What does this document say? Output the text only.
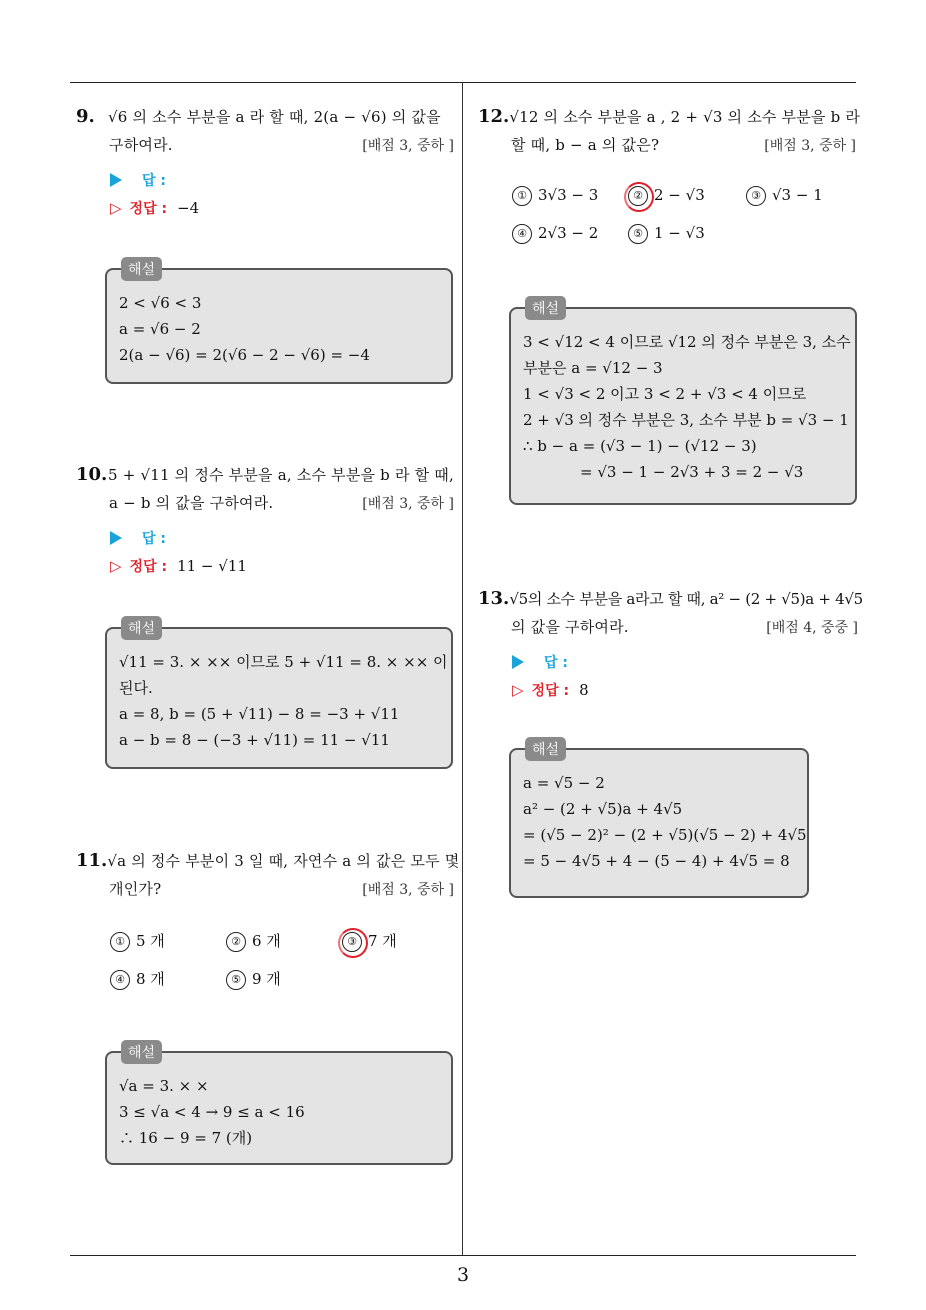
3
9. √6 의 소수 부분을 a 라 할 때, 2(a − √6) 의 값을
구하여라.	[배점 3, 중하 ]
답 :
▷ 정답 : −4
해설
2 < √6 < 3
a = √6 − 2
2(a − √6) = 2(√6 − 2 − √6) = −4
10. 5 + √11 의 정수 부분을 a, 소수 부분을 b 라 할 때,
a − b 의 값을 구하여라.	[배점 3, 중하 ]
답 :
▷ 정답 : 11 − √11
해설
√11 = 3. × ×× 이므로 5 + √11 = 8. × ×× 이
된다.
a = 8, b = (5 + √11) − 8 = −3 + √11
a − b = 8 − (−3 + √11) = 11 − √11
11. √a 의 정수 부분이 3 일 때, 자연수 a 의 값은 모두 몇
개인가?	[배점 3, 중하 ]
① 5 개	② 6 개	③ 7 개
④ 8 개	⑤ 9 개
해설
√a = 3. × ×
3 ≤ √a < 4 → 9 ≤ a < 16
∴ 16 − 9 = 7 (개)
12. √12 의 소수 부분을 a , 2 + √3 의 소수 부분을 b 라
할 때, b − a 의 값은?	[배점 3, 중하 ]
① 3√3 − 3	② 2 − √3	③ √3 − 1
④ 2√3 − 2	⑤ 1 − √3
해설
3 < √12 < 4 이므로 √12 의 정수 부분은 3, 소수
부분은 a = √12 − 3
1 < √3 < 2 이고 3 < 2 + √3 < 4 이므로
2 + √3 의 정수 부분은 3, 소수 부분 b = √3 − 1
∴ b − a = (√3 − 1) − (√12 − 3)
= √3 − 1 − 2√3 + 3 = 2 − √3
13. √5의 소수 부분을 a라고 할 때, a² − (2 + √5)a + 4√5
의 값을 구하여라.	[배점 4, 중중 ]
답 :
▷ 정답 : 8
해설
a = √5 − 2
a² − (2 + √5)a + 4√5
= (√5 − 2)² − (2 + √5)(√5 − 2) + 4√5
= 5 − 4√5 + 4 − (5 − 4) + 4√5 = 8
